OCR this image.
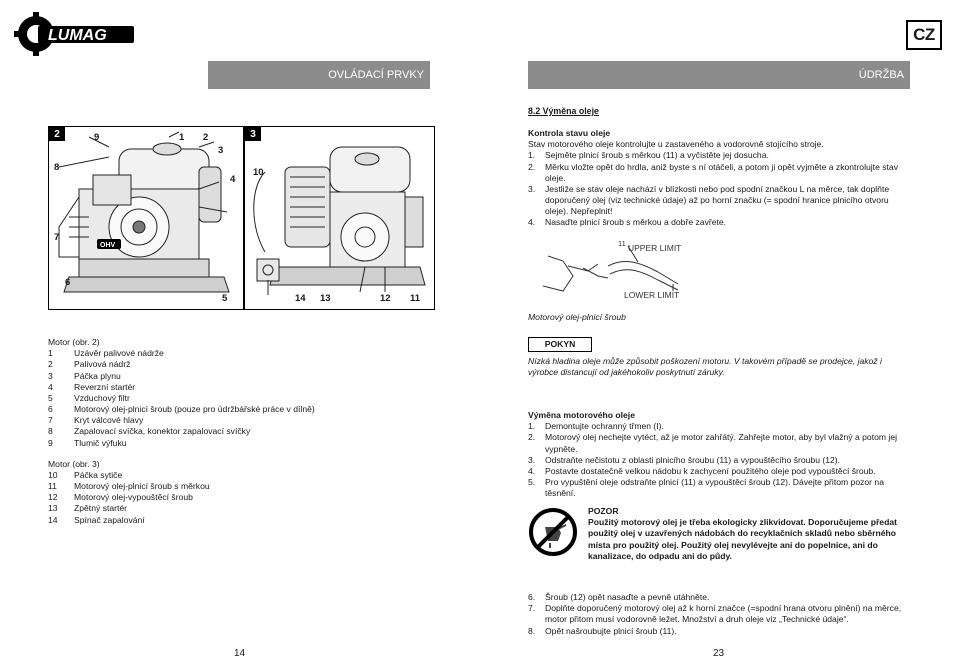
LUMAG	CZ
OVLÁDACÍ PRVKY	ÚDRŽBA
8.2 Výměna oleje
OHV
2	9	1 2
3
4
8
7
6
5
3
10
14 13	12 11
Kontrola stavu oleje
Stav motorového oleje kontrolujte u zastaveného a vodorovně stojícího stroje.
1. Sejměte plnicí šroub s měrkou (11) a vyčistěte jej dosucha.
2. Měrku vložte opět do hrdla, aniž byste s ní otáčeli, a potom ji opět vyjměte a zkontrolujte stav oleje.
3. Jestliže se stav oleje nachází v blízkosti nebo pod spodní značkou L na měrce, tak doplňte doporučený olej (viz technické údaje) až po horní značku (= spodní hranice plnicího otvoru oleje). Nepřeplnit!
4. Nasaďte plnicí šroub s měrkou a dobře zavřete.
11 UPPER LIMIT
LOWER LIMIT
Motorový olej-plnicí šroub
Motor (obr. 2)
1 Uzávěr palivové nádrže
2 Palivová nádrž
3 Páčka plynu
4 Reverzní startér
5 Vzduchový filtr
6 Motorový olej-plnicí šroub (pouze pro údržbářské práce v dílně)
7 Kryt válcové hlavy
8 Zapalovací svíčka, konektor zapalovací svíčky
9 Tlumič výfuku
Motor (obr. 3)
10 Páčka sytiče
11 Motorový olej-plnicí šroub s měrkou
12 Motorový olej-vypouštěcí šroub
13 Zpětný startér
14 Spínač zapalování
POKYN
Nízká hladina oleje může způsobit poškození motoru. V takovém případě se prodejce, jakož i výrobce distancují od jakéhokoliv poskytnutí záruky.
Výměna motorového oleje
1. Demontujte ochranný třmen (I).
2. Motorový olej nechejte vytéct, až je motor zahřátý. Zahřejte motor, aby byl vlažný a potom jej vypněte.
3. Odstraňte nečistotu z oblasti plnicího šroubu (11) a vypouštěcího šroubu (12).
4. Postavte dostatečně velkou nádobu k zachycení použitého oleje pod vypouštěcí šroub.
5. Pro vypuštění oleje odstraňte plnicí (11) a vypouštěcí šroub (12). Dávejte přitom pozor na těsnění.
POZOR
Použitý motorový olej je třeba ekologicky zlikvidovat. Doporučujeme předat
použitý olej v uzavřených nádobách do recyklačních skladů nebo sběrného místa pro použitý olej. Použitý olej nevylévejte ani do popelnice, ani do kanalizace, do odpadu ani do půdy.
6. Šroub (12) opět nasaďte a pevně utáhněte.
7. Doplňte doporučený motorový olej až k horní značce (=spodní hrana otvoru plnění) na měrce, motor přitom musí vodorovně ležet. Množství a druh oleje viz „Technické údaje“.
8. Opět našroubujte plnicí šroub (11).
14	23
